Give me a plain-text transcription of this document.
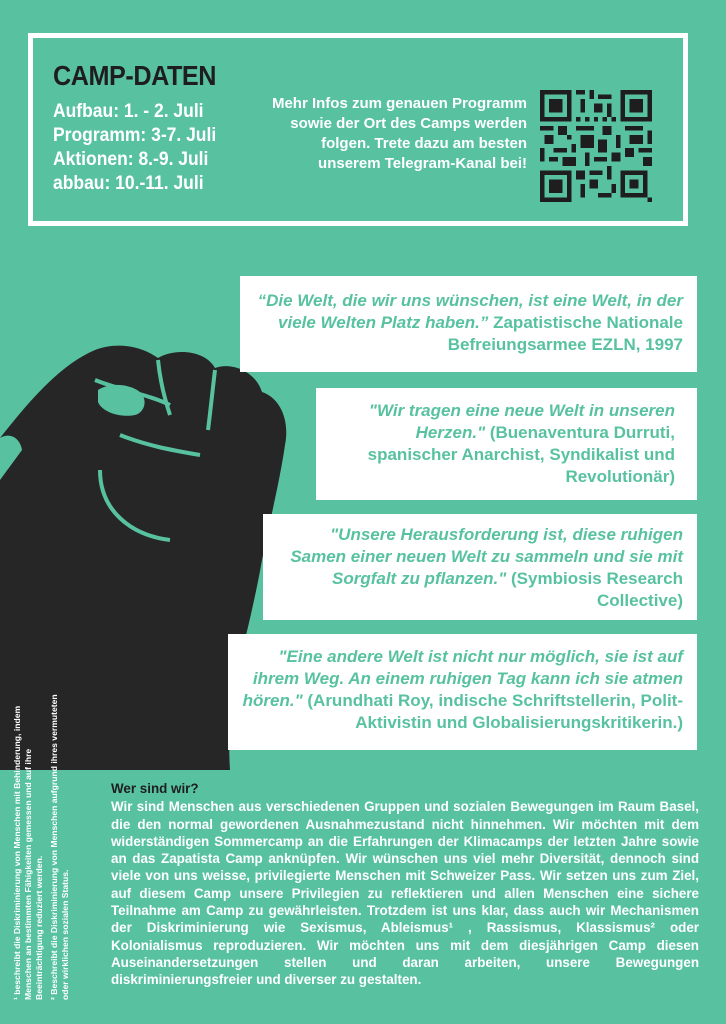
CAMP-DATEN
Aufbau: 1. - 2. Juli
Programm: 3-7. Juli
Aktionen: 8.-9. Juli
abbau: 10.-11. Juli
Mehr Infos zum genauen Programm sowie der Ort des Camps werden folgen. Trete dazu am besten unserem Telegram-Kanal bei!
“Die Welt, die wir uns wünschen, ist eine Welt, in der viele Welten Platz haben.” Zapatistische Nationale Befreiungsarmee EZLN, 1997
"Wir tragen eine neue Welt in unseren Herzen." (Buenaventura Durruti, spanischer Anarchist, Syndikalist und Revolutionär)
"Unsere Herausforderung ist, diese ruhigen Samen einer neuen Welt zu sammeln und sie mit Sorgfalt zu pflanzen." (Symbiosis Research Collective)
"Eine andere Welt ist nicht nur möglich, sie ist auf ihrem Weg. An einem ruhigen Tag kann ich sie atmen hören." (Arundhati Roy, indische Schriftstellerin, Polit-Aktivistin und Globalisierungskritikerin.)

¹ beschreibt die Diskriminierung von Menschen mit Behinderung, indem Menschen an bestimmten Fähigkeiten gemessen und auf ihre Beeinträchtigung reduziert werden. ² Beschreibt die Diskriminierung von Menschen aufgrund ihres vermuteten oder wirklichen sozialen Status.

Wer sind wir?
Wir sind Menschen aus verschiedenen Gruppen und sozialen Bewegungen im Raum Basel, die den normal gewordenen Ausnahmezustand nicht hinnehmen. Wir möchten mit dem widerständigen Sommercamp an die Erfahrungen der Klimacamps der letzten Jahre sowie an das Zapatista Camp anknüpfen. Wir wünschen uns viel mehr Diversität, dennoch sind viele von uns weisse, privilegierte Menschen mit Schweizer Pass. Wir setzen uns zum Ziel, auf diesem Camp unsere Privilegien zu reflektieren und allen Menschen eine sichere Teilnahme am Camp zu gewährleisten. Trotzdem ist uns klar, dass auch wir Mechanismen der Diskriminierung wie Sexismus, Ableismus¹ , Rassismus, Klassismus² oder Kolonialismus reproduzieren. Wir möchten uns mit dem diesjährigen Camp diesen Auseinandersetzungen stellen und daran arbeiten, unsere Bewegungen diskriminierungsfreier und diverser zu gestalten.
